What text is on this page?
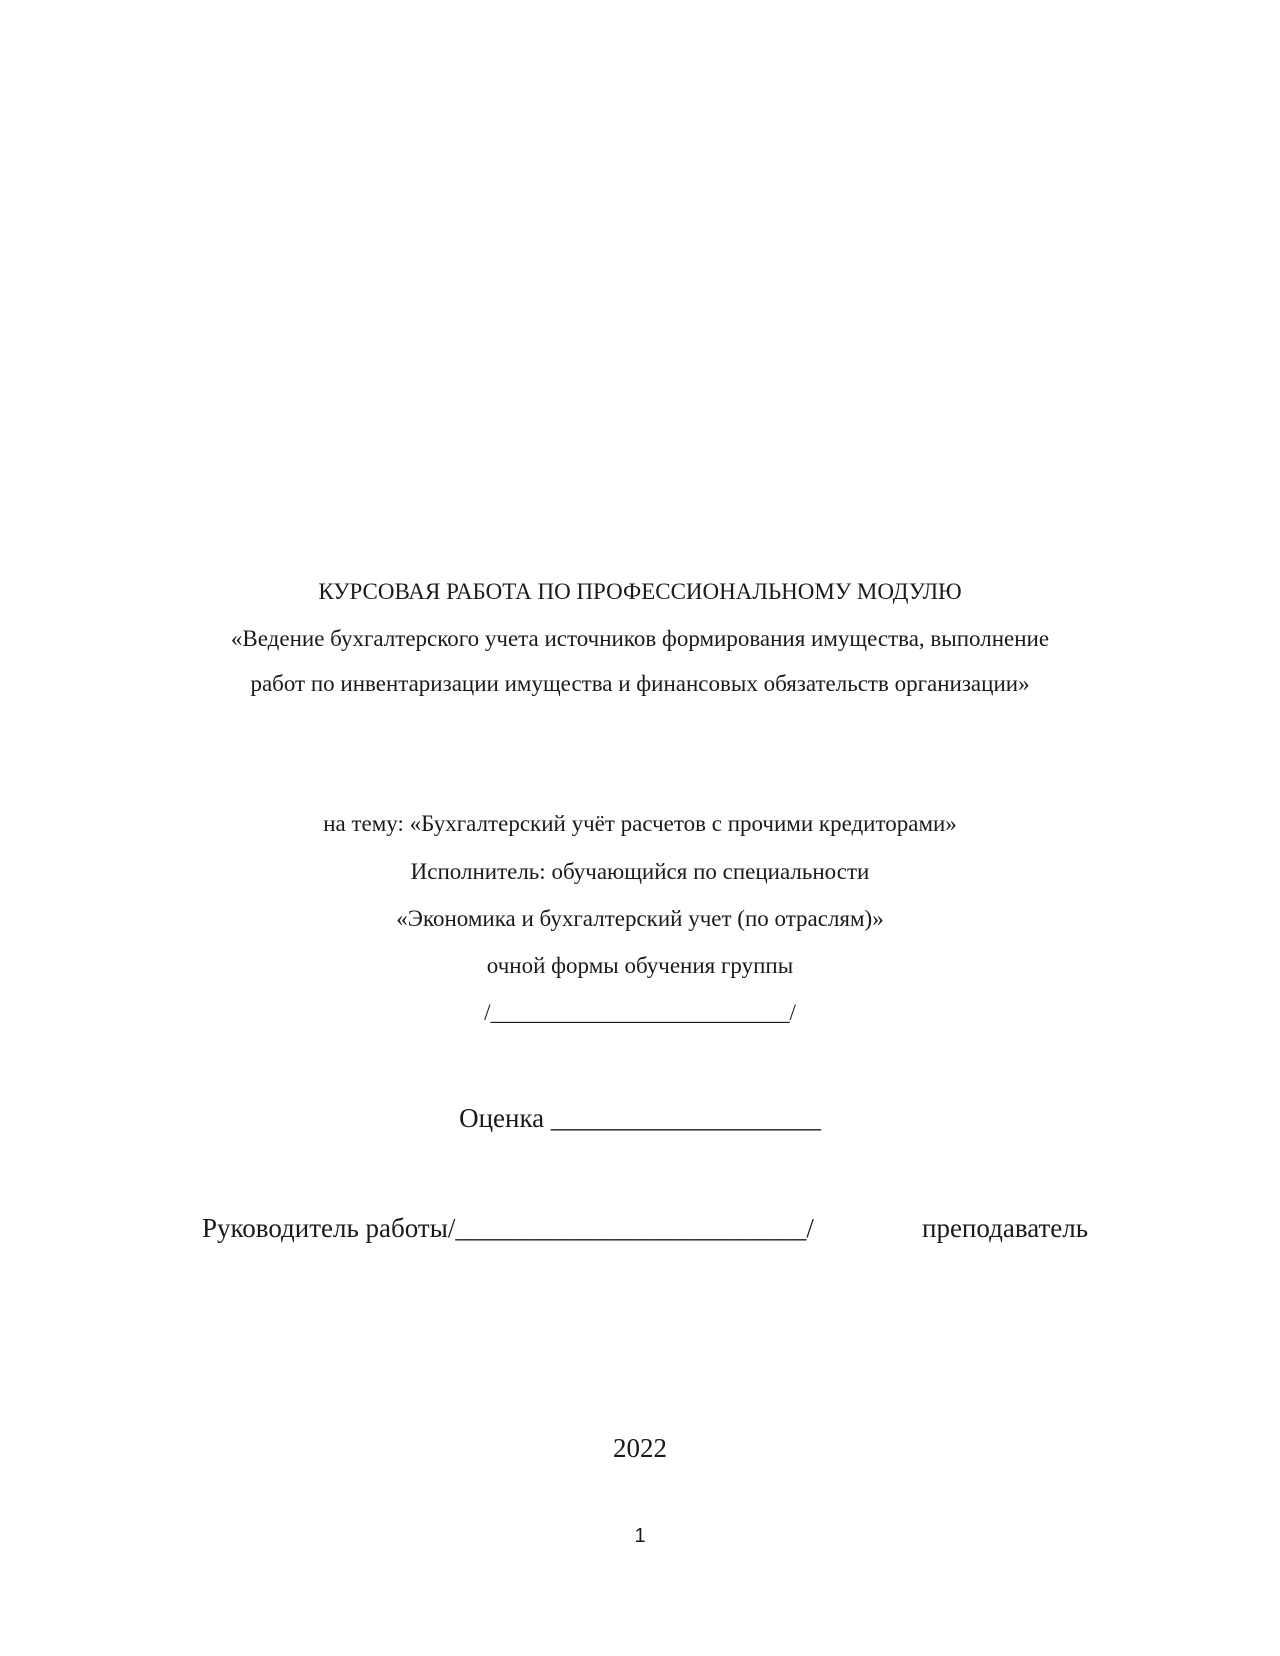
КУРСОВАЯ РАБОТА ПО ПРОФЕССИОНАЛЬНОМУ МОДУЛЮ
«Ведение бухгалтерского учета источников формирования имущества, выполнение
работ по инвентаризации имущества и финансовых обязательств организации»
на тему: «Бухгалтерский учёт расчетов с прочими кредиторами»
Исполнитель: обучающийся по специальности
«Экономика и бухгалтерский учет (по отраслям)»
очной формы обучения группы
/__________________________/
Оценка ____________________
Руководитель работы/__________________________/	преподаватель
2022
1
